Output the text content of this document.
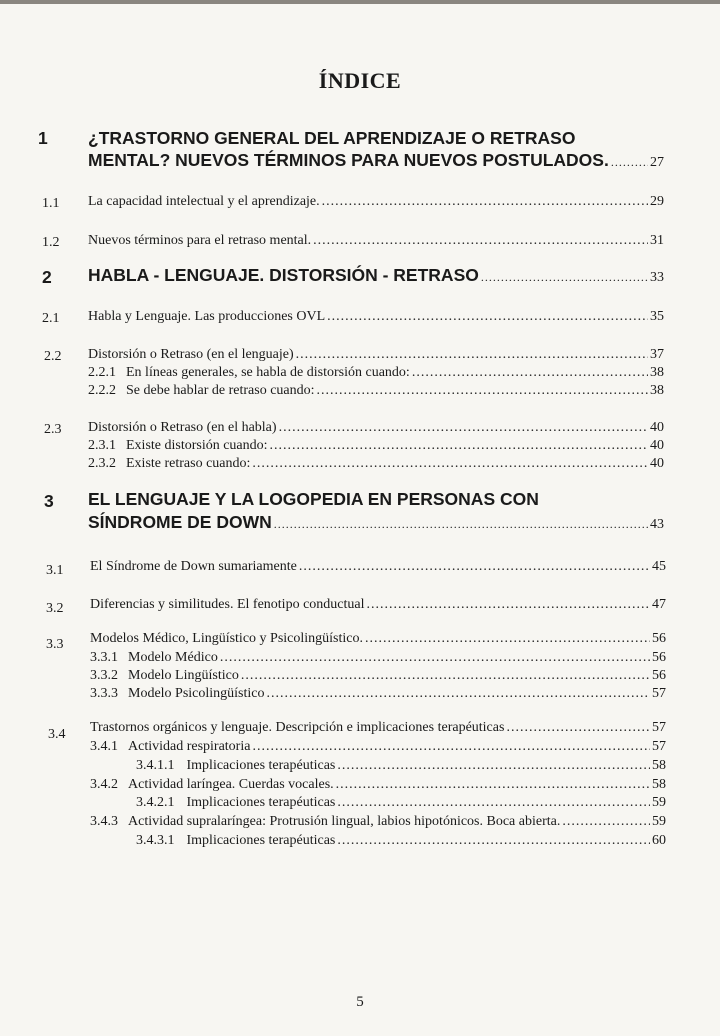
ÍNDICE
1 ¿TRASTORNO GENERAL DEL APRENDIZAJE O RETRASO
MENTAL? NUEVOS TÉRMINOS PARA NUEVOS POSTULADOS. .....	27
1.1 La capacidad intelectual y el aprendizaje. .....	29
1.2 Nuevos términos para el retraso mental. .....	31
2 HABLA - LENGUAJE. DISTORSIÓN - RETRASO .....	33
2.1 Habla y Lenguaje. Las producciones OVL .....	35
2.2 Distorsión o Retraso (en el lenguaje) .....	37
2.2.1 En líneas generales, se habla de distorsión cuando: .....	38
2.2.2 Se debe hablar de retraso cuando: .....	38
2.3 Distorsión o Retraso (en el habla) .....	40
2.3.1 Existe distorsión cuando: .....	40
2.3.2 Existe retraso cuando: .....	40
3 EL LENGUAJE Y LA LOGOPEDIA EN PERSONAS CON
SÍNDROME DE DOWN .....	43
3.1 El Síndrome de Down sumariamente .....	45
3.2 Diferencias y similitudes. El fenotipo conductual .....	47
3.3 Modelos Médico, Lingüístico y Psicolingüístico. .....	56
3.3.1 Modelo Médico .....	56
3.3.2 Modelo Lingüístico .....	56
3.3.3 Modelo Psicolingüístico .....	57
3.4 Trastornos orgánicos y lenguaje. Descripción e implicaciones terapéuticas .....	57
3.4.1 Actividad respiratoria .....	57
3.4.1.1 Implicaciones terapéuticas .....	58
3.4.2 Actividad laríngea. Cuerdas vocales. .....	58
3.4.2.1 Implicaciones terapéuticas .....	59
3.4.3 Actividad supralaríngea: Protrusión lingual, labios hipotónicos. Boca abierta. .....	59
3.4.3.1 Implicaciones terapéuticas .....	60
5
